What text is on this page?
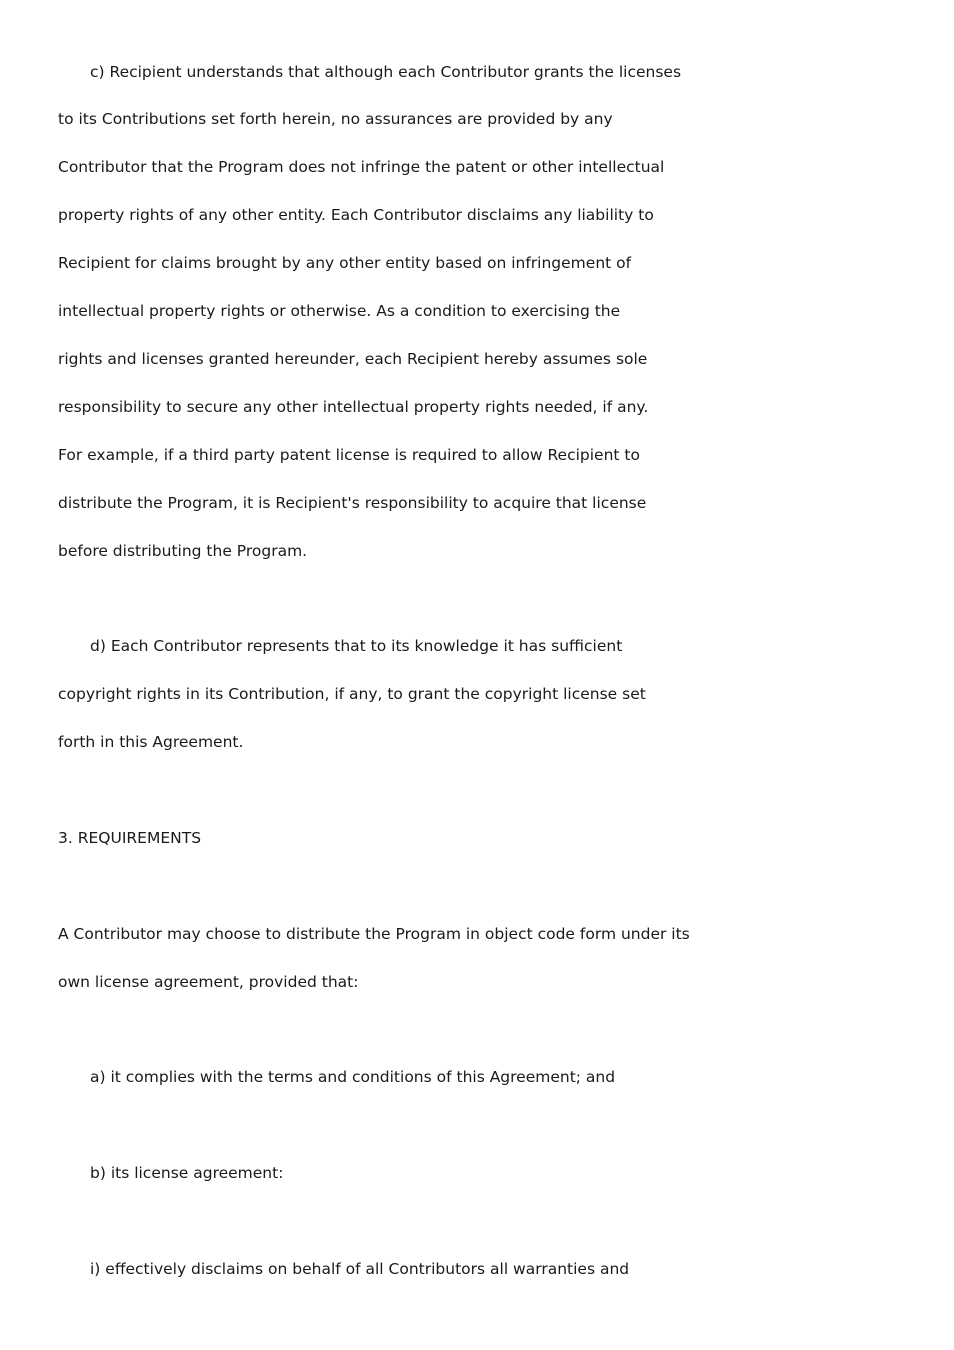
c) Recipient understands that although each Contributor grants the licenses

to its Contributions set forth herein, no assurances are provided by any

Contributor that the Program does not infringe the patent or other intellectual

property rights of any other entity. Each Contributor disclaims any liability to

Recipient for claims brought by any other entity based on infringement of

intellectual property rights or otherwise. As a condition to exercising the

rights and licenses granted hereunder, each Recipient hereby assumes sole

responsibility to secure any other intellectual property rights needed, if any.

For example, if a third party patent license is required to allow Recipient to

distribute the Program, it is Recipient's responsibility to acquire that license

before distributing the Program.

d) Each Contributor represents that to its knowledge it has sufficient

copyright rights in its Contribution, if any, to grant the copyright license set

forth in this Agreement.

3. REQUIREMENTS

A Contributor may choose to distribute the Program in object code form under its

own license agreement, provided that:

a) it complies with the terms and conditions of this Agreement; and

b) its license agreement:

i) effectively disclaims on behalf of all Contributors all warranties and
